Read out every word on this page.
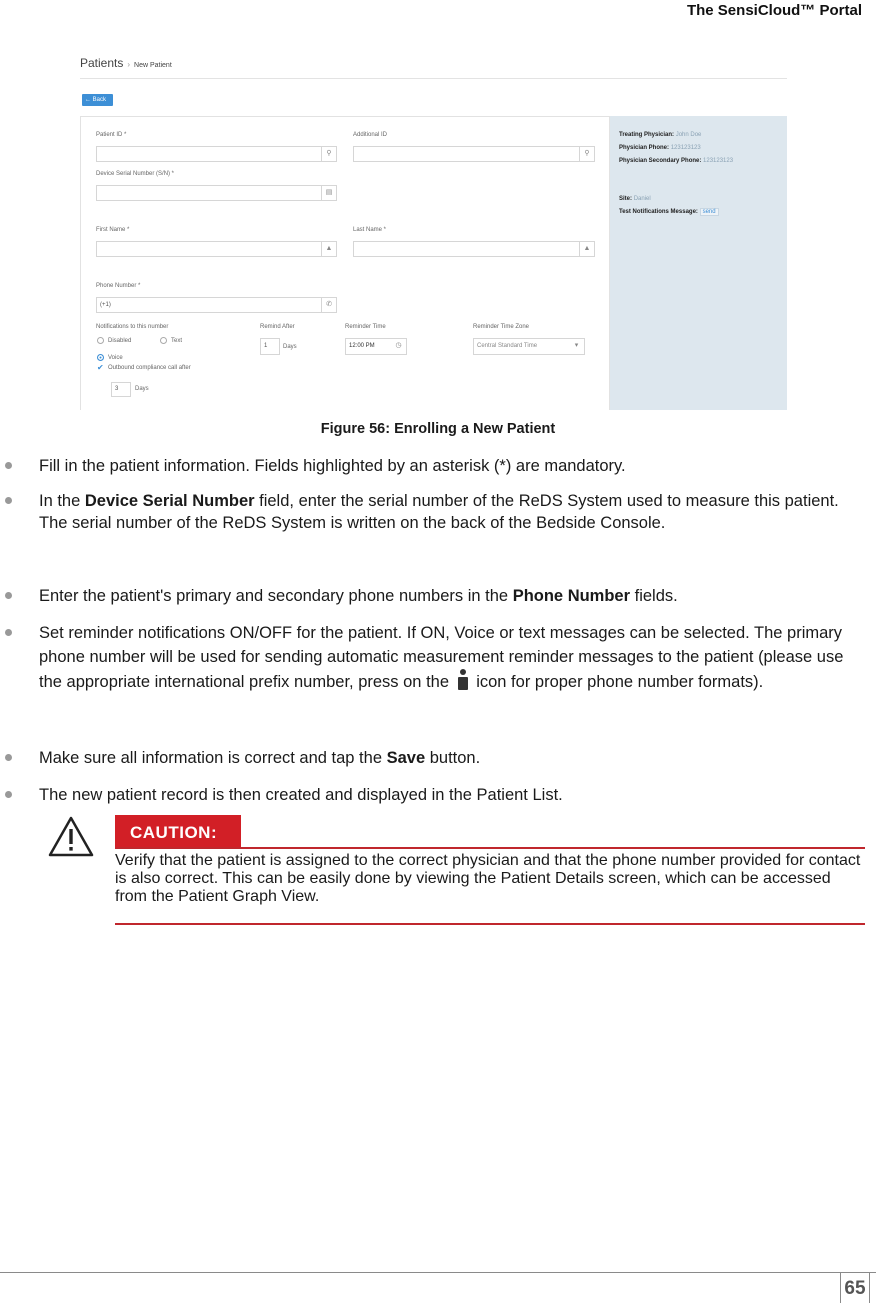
The SensiCloud™ Portal
Patients › New Patient
← Back
Patient ID *
⚲
Additional ID
⚲
Device Serial Number (S/N) *
▤
First Name *
▲
Last Name *
▲
Phone Number *
(+1)	✆
Notifications to this number
Disabled	Text
Voice
✔ Outbound compliance call after
3	Days
Remind After
1	Days
Reminder Time
12:00 PM	◷
Reminder Time Zone
Central Standard Time	▾
Treating Physician: John Doe
Physician Phone: 123123123
Physician Secondary Phone: 123123123
Site: Daniel
Test Notifications Message: send
Figure 56: Enrolling a New Patient
Fill in the patient information. Fields highlighted by an asterisk (*) are mandatory.
In the Device Serial Number field, enter the serial number of the ReDS System used to measure this patient. The serial number of the ReDS System is written on the back of the Bedside Console.
Enter the patient's primary and secondary phone numbers in the Phone Number fields.
Set reminder notifications ON/OFF for the patient. If ON, Voice or text messages can be selected. The primary phone number will be used for sending automatic measurement reminder messages to the patient (please use the appropriate international prefix number, press on the icon for proper phone number formats).
Make sure all information is correct and tap the Save button.
The new patient record is then created and displayed in the Patient List.
CAUTION:
Verify that the patient is assigned to the correct physician and that the phone number provided for contact is also correct. This can be easily done by viewing the Patient Details screen, which can be accessed from the Patient Graph View.
65
